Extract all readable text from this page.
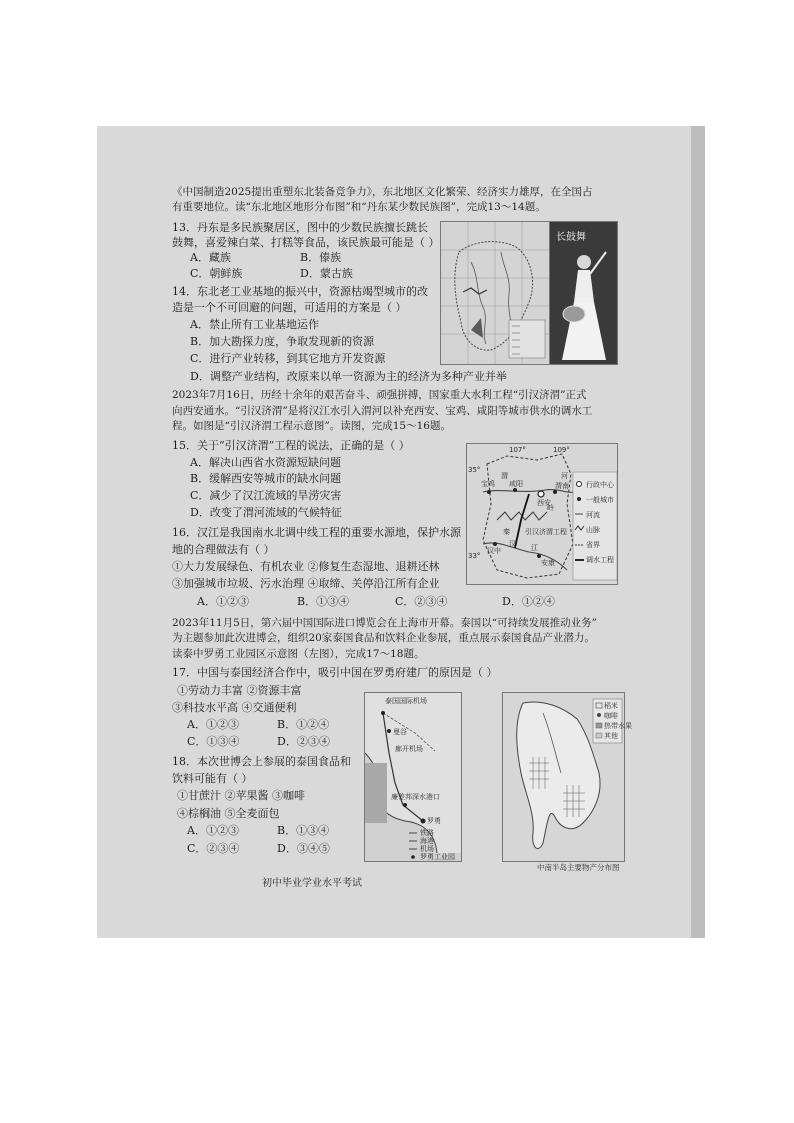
《中国制造2025提出重塑东北装备竞争力》，东北地区文化繁荣、经济实力雄厚，在全国占
有重要地位。读“东北地区地形分布图”和“丹东某少数民族图”，完成13～14题。
13．丹东是多民族聚居区，图中的少数民族擅长跳长
鼓舞，喜爱辣白菜、打糕等食品，该民族最可能是（ ）
A．藏族	B．傣族
C．朝鲜族	D．蒙古族
14．东北老工业基地的振兴中，资源枯竭型城市的改
造是一个不可回避的问题，可适用的方案是（ ）
A．禁止所有工业基地运作
B．加大勘探力度，争取发现新的资源
C．进行产业转移，到其它地方开发资源
D．调整产业结构，改原来以单一资源为主的经济为多种产业并举
长鼓舞
2023年7月16日，历经十余年的艰苦奋斗、顽强拼搏，国家重大水利工程“引汉济渭”正式
向西安通水。“引汉济渭”是将汉江水引入渭河以补充西安、宝鸡、咸阳等城市供水的调水工
程。如图是“引汉济渭工程示意图”。读图，完成15～16题。
15．关于“引汉济渭”工程的说法，正确的是（ ）
A．解决山西省水资源短缺问题
B．缓解西安等城市的缺水问题
C．减少了汉江流域的旱涝灾害
D．改变了渭河流域的气候特征
107°	109°
35°
33°
宝鸡 咸阳
西安
渭南
汉中
安康
渭	河
秦
岭
汉 江
引汉济渭工程
行政中心
一般城市
河流
山脉
省界
调水工程
16．汉江是我国南水北调中线工程的重要水源地，保护水源
地的合理做法有（ ）
①大力发展绿色、有机农业 ②修复生态湿地、退耕还林
③加强城市垃圾、污水治理 ④取缔、关停沿江所有企业
A．①②③	B．①③④	C．②③④	D．①②④
2023年11月5日，第六届中国国际进口博览会在上海市开幕。泰国以“可持续发展推动业务”
为主题参加此次进博会，组织20家泰国食品和饮料企业参展，重点展示泰国食品产业潜力。
读泰中罗勇工业园区示意图（左图），完成17～18题。
17．中国与泰国经济合作中，吸引中国在罗勇府建厂的原因是（ ）
①劳动力丰富 ②资源丰富
③科技水平高 ④交通便利
A．①②③	B．①②④
C．①③④	D．②③④
18．本次世博会上参展的泰国食品和
饮料可能有（ ）
①甘蔗汁 ②苹果酱 ③咖啡
④棕榈油 ⑤全麦面包
A．①②③	B．①③④
C．②③④	D．③④⑤
泰国国际机场
曼谷
廊开机场
廉差邦深水港口
罗勇
铁路
海港
机场
罗勇工业园
稻米
咖啡
热带水果
其他
中南半岛主要物产分布图
初中毕业学业水平考试
